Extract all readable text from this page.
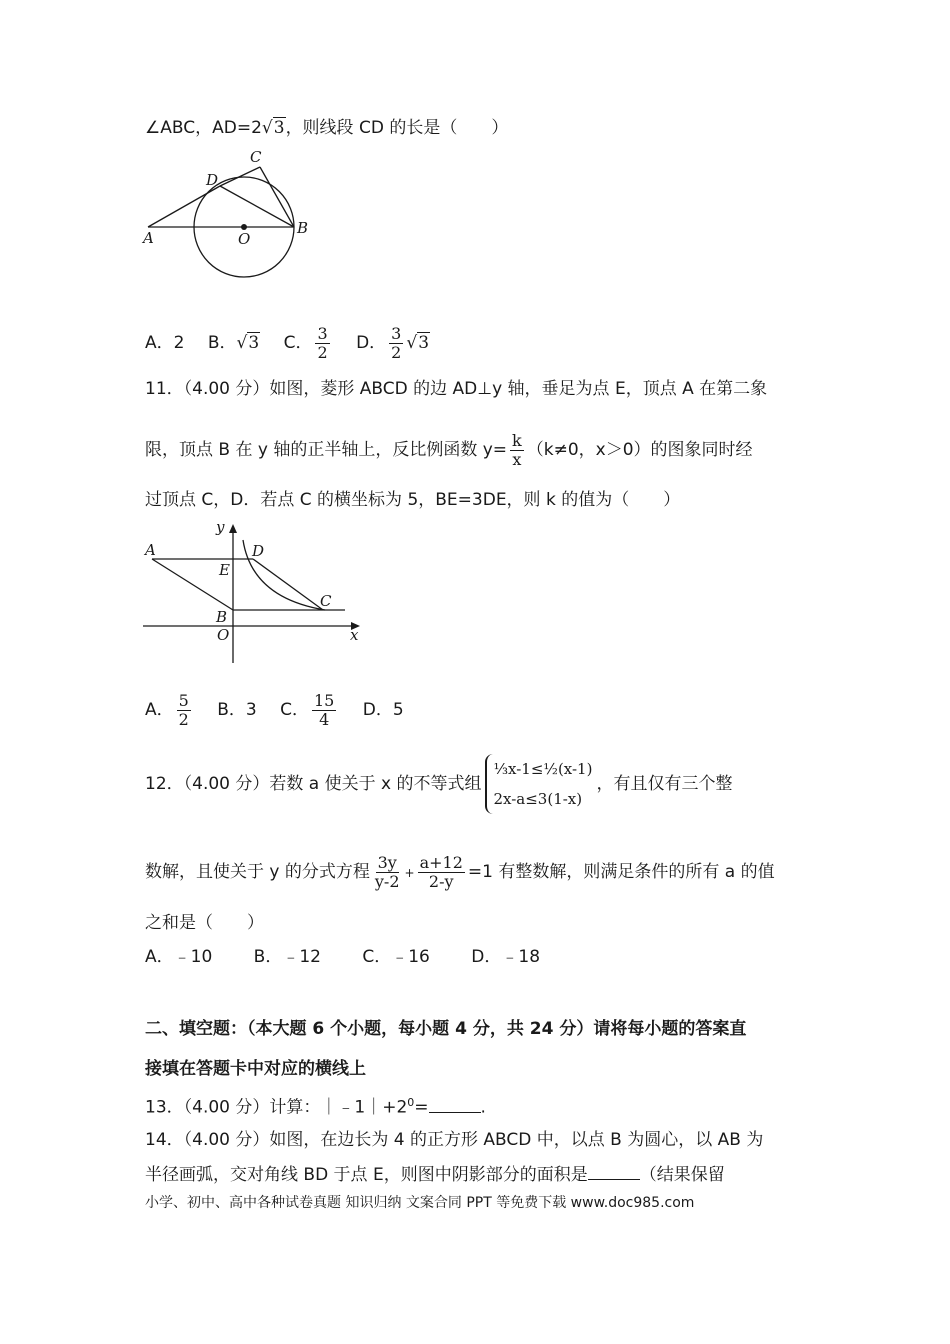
∠ABC，AD=2√3，则线段 CD 的长是（　　）
A
B
C
D
O
A．2 B．√3 C． $\frac{3}{2}$ D． $\frac{3}{2} √3$
11．（4.00 分）如图，菱形 ABCD 的边 AD⊥y 轴，垂足为点 E，顶点 A 在第二象
限，顶点 B 在 y 轴的正半轴上，反比例函数 $y= \frac{k}{x} (k\ne 0$，x＞0）的图象同时经
过顶点 C，D．若点 C 的横坐标为 5，BE=3DE，则 k 的值为（　　）
y
x
A	D
E
B
C
O
A． $\frac{5}{2}$ B．3 C． $\frac{15}{4}$ D．5
12．（4.00 分）若数 a 使关于 x 的不等式组⅓x-1≤½(x-1)
2x-a≤3(1-x)，有且仅有三个整
数解，且使关于 y 的分式方程 $\frac{3y}{y-2} + \frac{a+12}{2-y} =1$ 有整数解，则满足条件的所有 a 的值
之和是（　　）
A．﹣10 B．﹣12 C．﹣16 D．﹣18
二、填空题：（本大题 6 个小题，每小题 4 分，共 24 分）请将每小题的答案直
接填在答题卡中对应的横线上
13．（4.00 分）计算：$|﹣1|+2^0=$	.
14．（4.00 分）如图，在边长为 4 的正方形 ABCD 中，以点 B 为圆心，以 AB 为
半径画弧，交对角线 BD 于点 E，则图中阴影部分的面积是	（结果保留
小学、初中、高中各种试卷真题 知识归纳 文案合同 PPT 等免费下载 www.doc985.com
